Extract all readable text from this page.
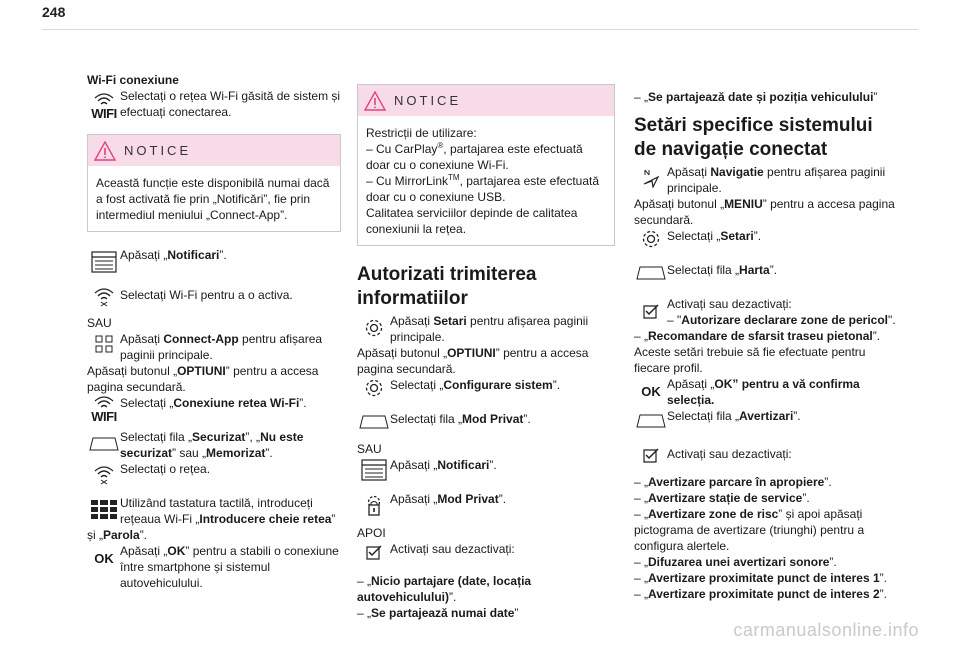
248

Wi-Fi conexiune

WIFI

Selectați o rețea Wi-Fi găsită de sistem și efectuați conectarea.

NOTICE

Această funcție este disponibilă numai dacă a fost activată fie prin „Notificări”, fie prin intermediul meniului „Connect-App”.

Apăsați „Notificari”.

Selectați Wi-Fi pentru a o activa.

SAU

Apăsați Connect-App pentru afișarea paginii principale.

Apăsați butonul „OPTIUNI” pentru a accesa pagina secundară.

WIFI

Selectați „Conexiune retea Wi-Fi”.

Selectați fila „Securizat”, „Nu este securizat” sau „Memorizat”.

Selectați o rețea.

Utilizând tastatura tactilă, introduceți rețeaua Wi-Fi „Introducere cheie retea”

și „Parola”.

OK Apăsați „OK” pentru a stabili o conexiune între smartphone și sistemul autovehiculului.

NOTICE

Restricții de utilizare:

– Cu CarPlay®, partajarea este efectuată doar cu o conexiune Wi-Fi.

– Cu MirrorLink™, partajarea este efectuată doar cu o conexiune USB.

Calitatea serviciilor depinde de calitatea conexiunii la rețea.

Autorizati trimiterea informatiilor

Apăsați Setari pentru afișarea paginii principale.

Apăsați butonul „OPTIUNI” pentru a accesa pagina secundară.

Selectați „Configurare sistem”.

Selectați fila „Mod Privat”.

SAU

Apăsați „Notificari”.

Apăsați „Mod Privat”.

APOI

Activați sau dezactivați:

– „Nicio partajare (date, locația autovehiculului)”.

– „Se partajează numai date”

– „Se partajează date și poziția vehiculului”

Setări specifice sistemului de navigație conectat

Apăsați Navigatie pentru afișarea paginii principale.

Apăsați butonul „MENIU” pentru a accesa pagina secundară.

Selectați „Setari”.

Selectați fila „Harta”.

Activați sau dezactivați:

– "Autorizare declarare zone de pericol".

– „Recomandare de sfarsit traseu pietonal”.

Aceste setări trebuie să fie efectuate pentru fiecare profil.

OK Apăsați „OK” pentru a vă confirma selecția.

Selectați fila „Avertizari”.

Activați sau dezactivați:

– „Avertizare parcare în apropiere”.

– „Avertizare stație de service”.

– „Avertizare zone de risc” și apoi apăsați pictograma de avertizare (triunghi) pentru a configura alertele.

– „Difuzarea unei avertizari sonore”.

– „Avertizare proximitate punct de interes 1”.

– „Avertizare proximitate punct de interes 2”.

carmanualsonline.info
